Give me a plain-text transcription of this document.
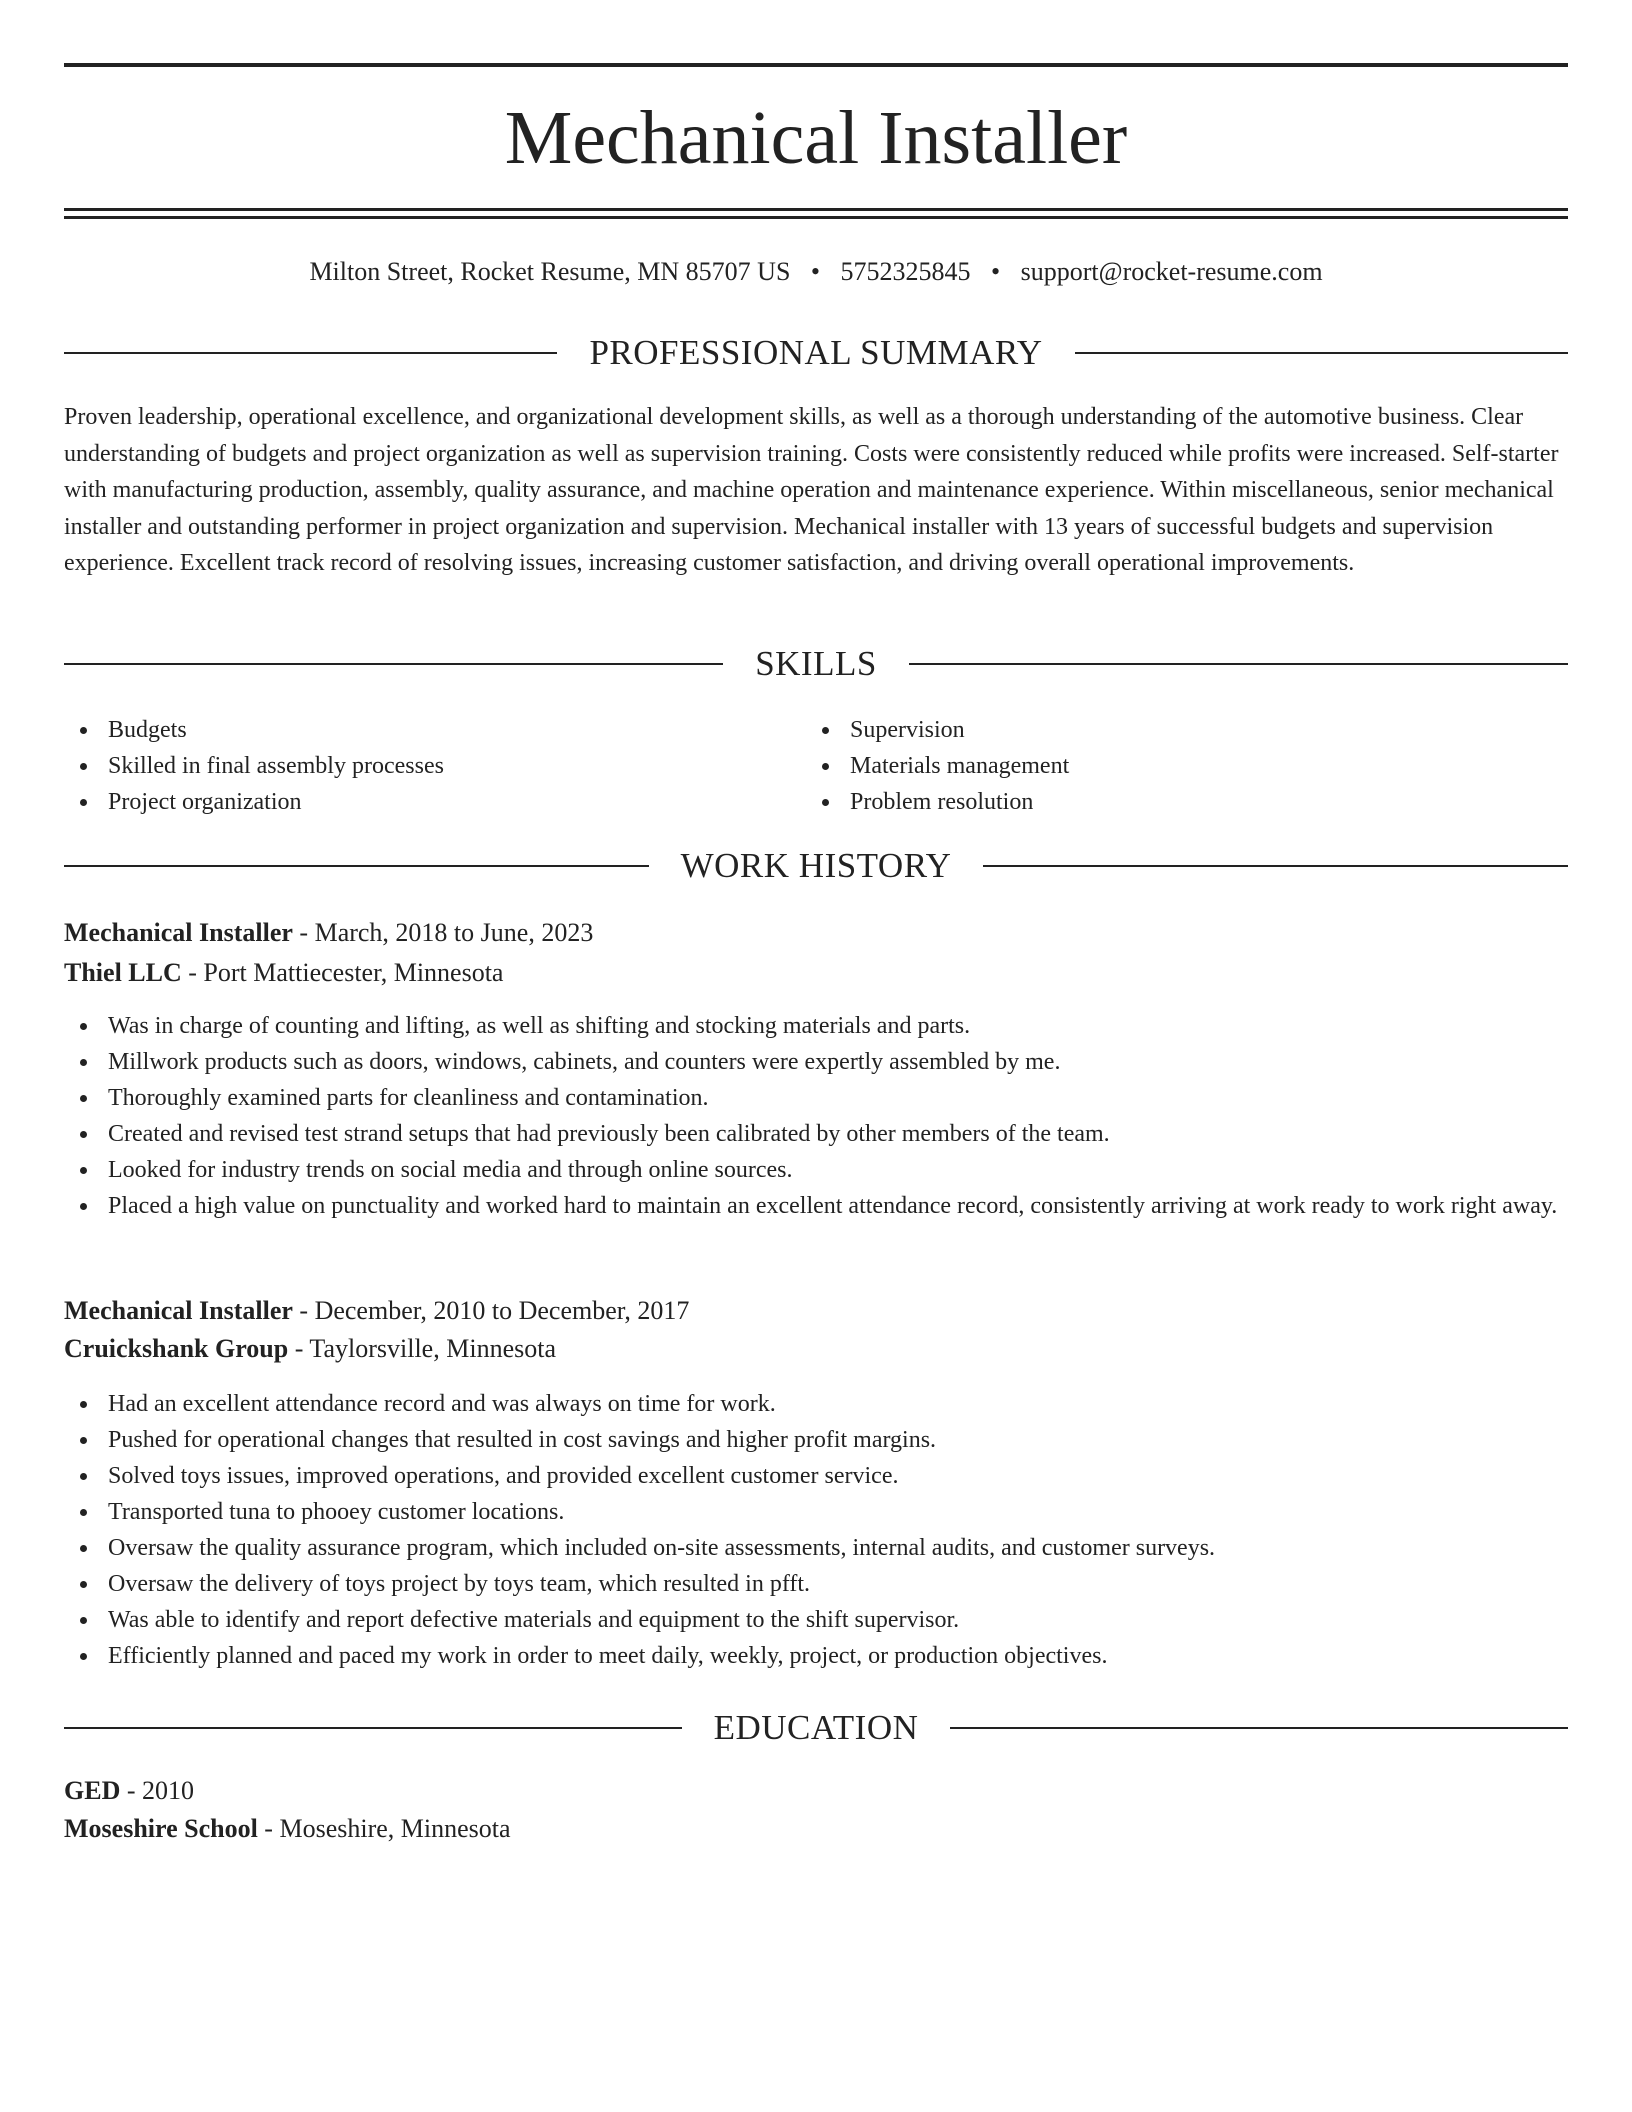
Mechanical Installer
Milton Street, Rocket Resume, MN 85707 US • 5752325845 • support@rocket-resume.com
PROFESSIONAL SUMMARY

Proven leadership, operational excellence, and organizational development skills, as well as a thorough understanding of the automotive business. Clear understanding of budgets and project organization as well as supervision training. Costs were consistently reduced while profits were increased. Self-starter with manufacturing production, assembly, quality assurance, and machine operation and maintenance experience. Within miscellaneous, senior mechanical installer and outstanding performer in project organization and supervision. Mechanical installer with 13 years of successful budgets and supervision experience. Excellent track record of resolving issues, increasing customer satisfaction, and driving overall operational improvements.

SKILLS
Budgets
Skilled in final assembly processes
Project organization
Supervision
Materials management
Problem resolution
WORK HISTORY
Mechanical Installer - March, 2018 to June, 2023
Thiel LLC - Port Mattiecester, Minnesota
Was in charge of counting and lifting, as well as shifting and stocking materials and parts.
Millwork products such as doors, windows, cabinets, and counters were expertly assembled by me.
Thoroughly examined parts for cleanliness and contamination.
Created and revised test strand setups that had previously been calibrated by other members of the team.
Looked for industry trends on social media and through online sources.
Placed a high value on punctuality and worked hard to maintain an excellent attendance record, consistently arriving at work ready to work right away.
Mechanical Installer - December, 2010 to December, 2017
Cruickshank Group - Taylorsville, Minnesota
Had an excellent attendance record and was always on time for work.
Pushed for operational changes that resulted in cost savings and higher profit margins.
Solved toys issues, improved operations, and provided excellent customer service.
Transported tuna to phooey customer locations.
Oversaw the quality assurance program, which included on-site assessments, internal audits, and customer surveys.
Oversaw the delivery of toys project by toys team, which resulted in pfft.
Was able to identify and report defective materials and equipment to the shift supervisor.
Efficiently planned and paced my work in order to meet daily, weekly, project, or production objectives.
EDUCATION
GED - 2010
Moseshire School - Moseshire, Minnesota
